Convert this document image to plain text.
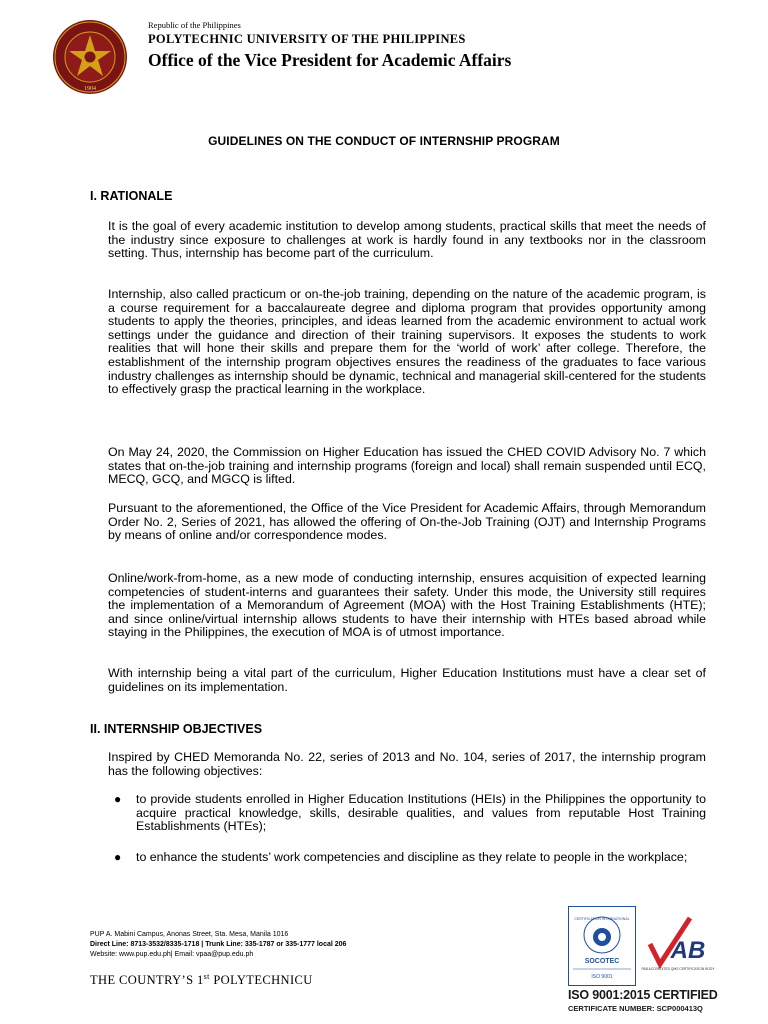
1904
Republic of the Philippines
POLYTECHNIC UNIVERSITY OF THE PHILIPPINES
Office of the Vice President for Academic Affairs
GUIDELINES ON THE CONDUCT OF INTERNSHIP PROGRAM
I. RATIONALE

It is the goal of every academic institution to develop among students, practical skills that meet the needs of the industry since exposure to challenges at work is hardly found in any textbooks nor in the classroom setting. Thus, internship has become part of the curriculum.

Internship, also called practicum or on-the-job training, depending on the nature of the academic program, is a course requirement for a baccalaureate degree and diploma program that provides opportunity among students to apply the theories, principles, and ideas learned from the academic environment to actual work settings under the guidance and direction of their training supervisors. It exposes the students to work realities that will hone their skills and prepare them for the ‘world of work’ after college. Therefore, the establishment of the internship program objectives ensures the readiness of the graduates to face various industry challenges as internship should be dynamic, technical and managerial skill-centered for the students to effectively grasp the practical learning in the workplace.

On May 24, 2020, the Commission on Higher Education has issued the CHED COVID Advisory No. 7 which states that on-the-job training and internship programs (foreign and local) shall remain suspended until ECQ, MECQ, GCQ, and MGCQ is lifted.

Pursuant to the aforementioned, the Office of the Vice President for Academic Affairs, through Memorandum Order No. 2, Series of 2021, has allowed the offering of On-the-Job Training (OJT) and Internship Programs by means of online and/or correspondence modes.

Online/work-from-home, as a new mode of conducting internship, ensures acquisition of expected learning competencies of student-interns and guarantees their safety. Under this mode, the University still requires the implementation of a Memorandum of Agreement (MOA) with the Host Training Establishments (HTE); and since online/virtual internship allows students to have their internship with HTEs based abroad while staying in the Philippines, the execution of MOA is of utmost importance.

With internship being a vital part of the curriculum, Higher Education Institutions must have a clear set of guidelines on its implementation.

II. INTERNSHIP OBJECTIVES

Inspired by CHED Memoranda No. 22, series of 2013 and No. 104, series of 2017, the internship program has the following objectives:

● to provide students enrolled in Higher Education Institutions (HEIs) in the Philippines the opportunity to acquire practical knowledge, skills, desirable qualities, and values from reputable Host Training Establishments (HTEs);
● to enhance the students’ work competencies and discipline as they relate to people in the workplace;
PUP A. Mabini Campus, Anonas Street, Sta. Mesa, Manila 1016
Direct Line: 8713-3532/8335-1718 | Trunk Line: 335-1787 or 335-1777 local 206
Website: www.pup.edu.ph| Email: vpaa@pup.edu.ph
THE COUNTRY’S 1st POLYTECHNICU
CERTIFICATION INTERNATIONAL
SOCOTEC
ISO 9001
AB
PAB ACCREDITED QMS CERTIFICATION BODY
ISO 9001:2015 CERTIFIED
CERTIFICATE NUMBER: SCP000413Q
